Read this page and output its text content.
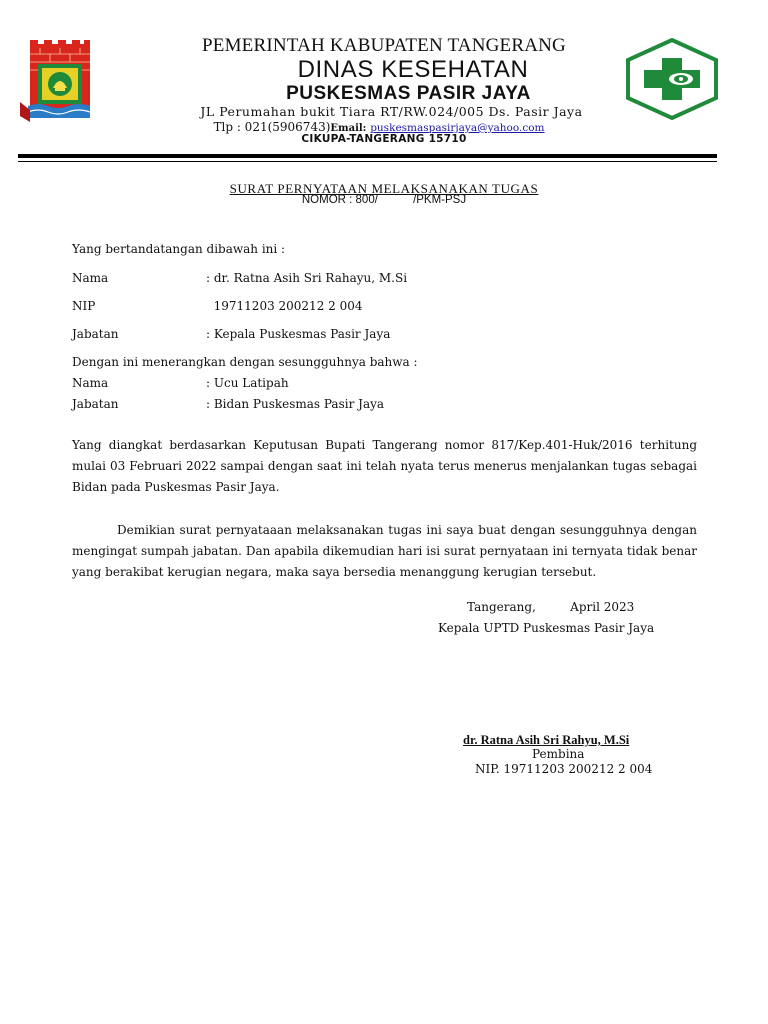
PEMERINTAH KABUPATEN TANGERANG
DINAS KESEHATAN
PUSKESMAS PASIR JAYA
JL Perumahan bukit Tiara RT/RW.024/005 Ds. Pasir Jaya
Tlp : 021(5906743)Email: puskesmaspasirjaya@yahoo.com
CIKUPA-TANGERANG 15710
SURAT PERNYATAAN MELAKSANAKAN TUGAS
NOMOR : 800/           /PKM-PSJ
Yang bertandatangan dibawah ini :
Nama	: dr. Ratna Asih Sri Rahayu, M.Si
NIP	19711203 200212 2 004
Jabatan	: Kepala Puskesmas Pasir Jaya
Dengan ini menerangkan dengan sesungguhnya bahwa :
Nama	: Ucu Latipah
Jabatan	: Bidan Puskesmas Pasir Jaya
Yang diangkat berdasarkan Keputusan Bupati Tangerang nomor 817/Kep.401-Huk/2016 terhitung mulai 03 Februari 2022 sampai dengan saat ini telah nyata terus menerus menjalankan tugas sebagai Bidan pada Puskesmas Pasir Jaya.
Demikian surat pernyataaan melaksanakan tugas ini saya buat dengan sesungguhnya dengan mengingat sumpah jabatan. Dan apabila dikemudian hari isi surat pernyataan ini ternyata tidak benar yang berakibat kerugian negara, maka saya bersedia menanggung kerugian tersebut.
Tangerang,         April 2023
Kepala UPTD Puskesmas Pasir Jaya
dr. Ratna Asih Sri Rahyu, M.Si
Pembina
NIP. 19711203 200212 2 004
